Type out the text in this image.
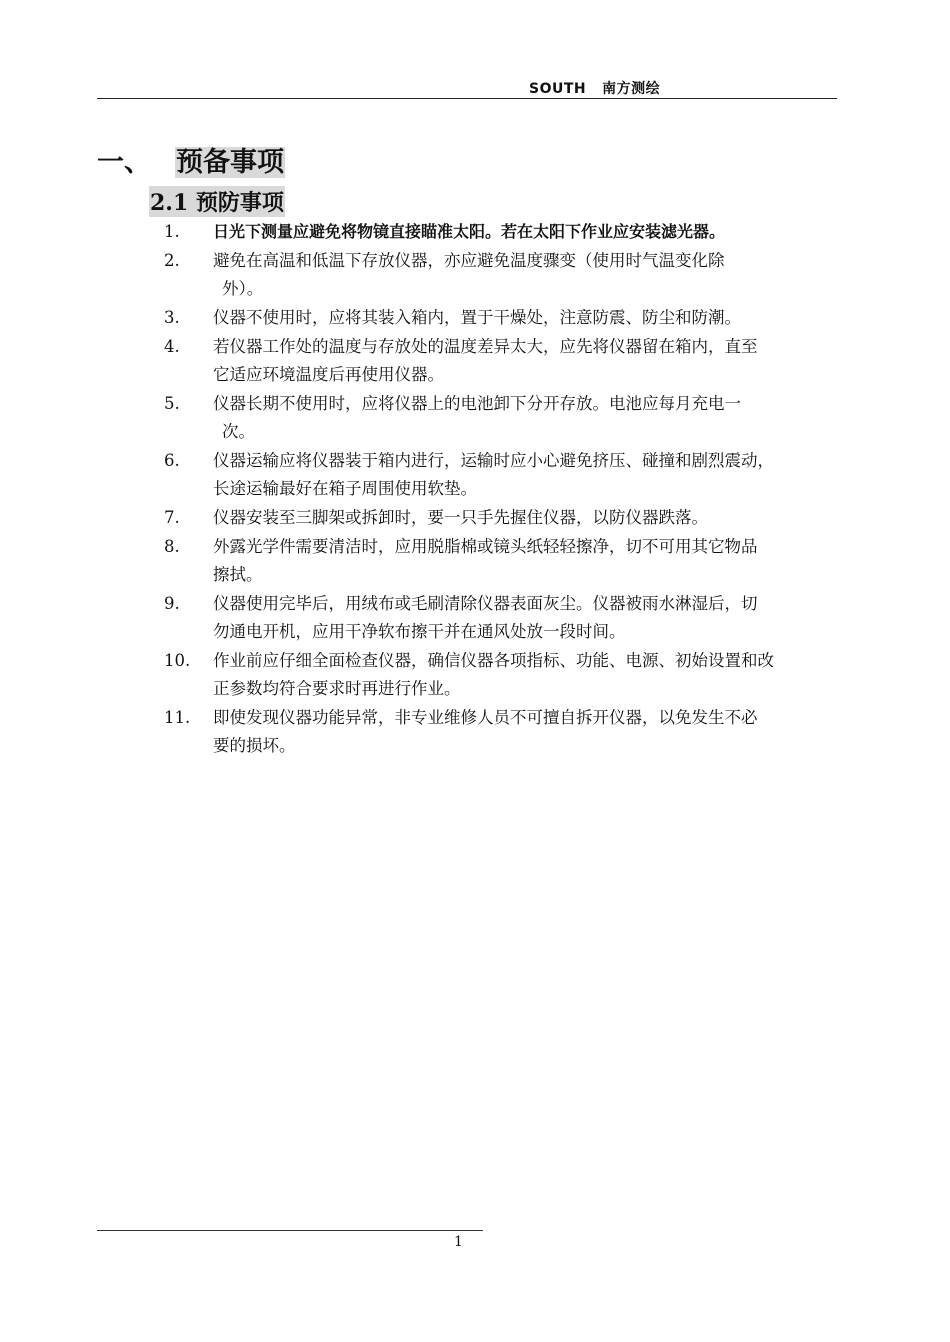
SOUTH 南方测绘
一、 预备事项
2.1 预防事项
1. 日光下测量应避免将物镜直接瞄准太阳。若在太阳下作业应安装滤光器。
2. 避免在高温和低温下存放仪器，亦应避免温度骤变（使用时气温变化除
外）。
3. 仪器不使用时，应将其装入箱内，置于干燥处，注意防震、防尘和防潮。
4. 若仪器工作处的温度与存放处的温度差异太大，应先将仪器留在箱内，直至
它适应环境温度后再使用仪器。
5. 仪器长期不使用时，应将仪器上的电池卸下分开存放。电池应每月充电一
次。
6. 仪器运输应将仪器装于箱内进行，运输时应小心避免挤压、碰撞和剧烈震动，
长途运输最好在箱子周围使用软垫。
7. 仪器安装至三脚架或拆卸时，要一只手先握住仪器，以防仪器跌落。
8. 外露光学件需要清洁时，应用脱脂棉或镜头纸轻轻擦净，切不可用其它物品
擦拭。
9. 仪器使用完毕后，用绒布或毛刷清除仪器表面灰尘。仪器被雨水淋湿后，切
勿通电开机，应用干净软布擦干并在通风处放一段时间。
10. 作业前应仔细全面检查仪器，确信仪器各项指标、功能、电源、初始设置和改
正参数均符合要求时再进行作业。
11. 即使发现仪器功能异常，非专业维修人员不可擅自拆开仪器，以免发生不必
要的损坏。
1
